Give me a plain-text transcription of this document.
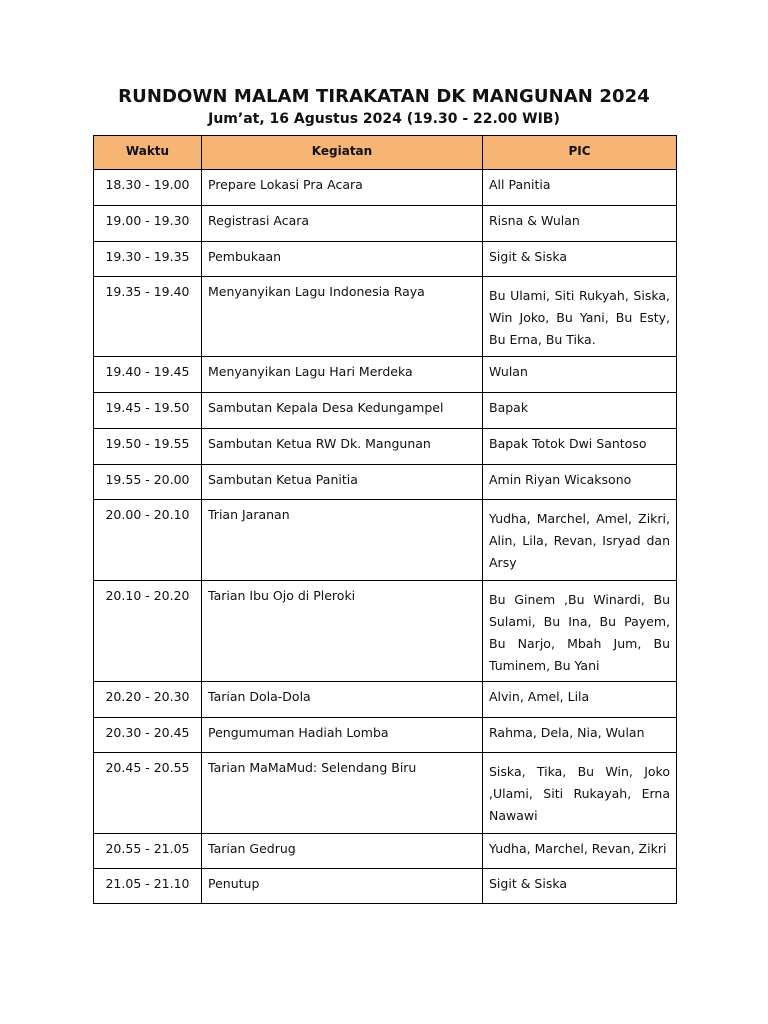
RUNDOWN MALAM TIRAKATAN DK MANGUNAN 2024
Jum’at, 16 Agustus 2024 (19.30 - 22.00 WIB)
Waktu	Kegiatan	PIC
18.30 - 19.00	Prepare Lokasi Pra Acara	All Panitia
19.00 - 19.30	Registrasi Acara	Risna & Wulan
19.30 - 19.35	Pembukaan	Sigit & Siska
19.35 - 19.40	Menyanyikan Lagu Indonesia Raya	Bu Ulami, Siti Rukyah, Siska, Win Joko, Bu Yani, Bu Esty, Bu Erna, Bu Tika.
19.40 - 19.45	Menyanyikan Lagu Hari Merdeka	Wulan
19.45 - 19.50	Sambutan Kepala Desa Kedungampel	Bapak
19.50 - 19.55	Sambutan Ketua RW Dk. Mangunan	Bapak Totok Dwi Santoso
19.55 - 20.00	Sambutan Ketua Panitia	Amin Riyan Wicaksono
20.00 - 20.10	Trian Jaranan	Yudha, Marchel, Amel, Zikri, Alin, Lila, Revan, Isryad dan Arsy
20.10 - 20.20	Tarian Ibu Ojo di Pleroki	Bu Ginem ,Bu Winardi, Bu Sulami, Bu Ina, Bu Payem, Bu Narjo, Mbah Jum, Bu Tuminem, Bu Yani
20.20 - 20.30	Tarian Dola-Dola	Alvin, Amel, Lila
20.30 - 20.45	Pengumuman Hadiah Lomba	Rahma, Dela, Nia, Wulan
20.45 - 20.55	Tarian MaMaMud: Selendang Biru	Siska, Tika, Bu Win, Joko ,Ulami, Siti Rukayah, Erna Nawawi
20.55 - 21.05	Tarian Gedrug	Yudha, Marchel, Revan, Zikri
21.05 - 21.10	Penutup	Sigit & Siska
